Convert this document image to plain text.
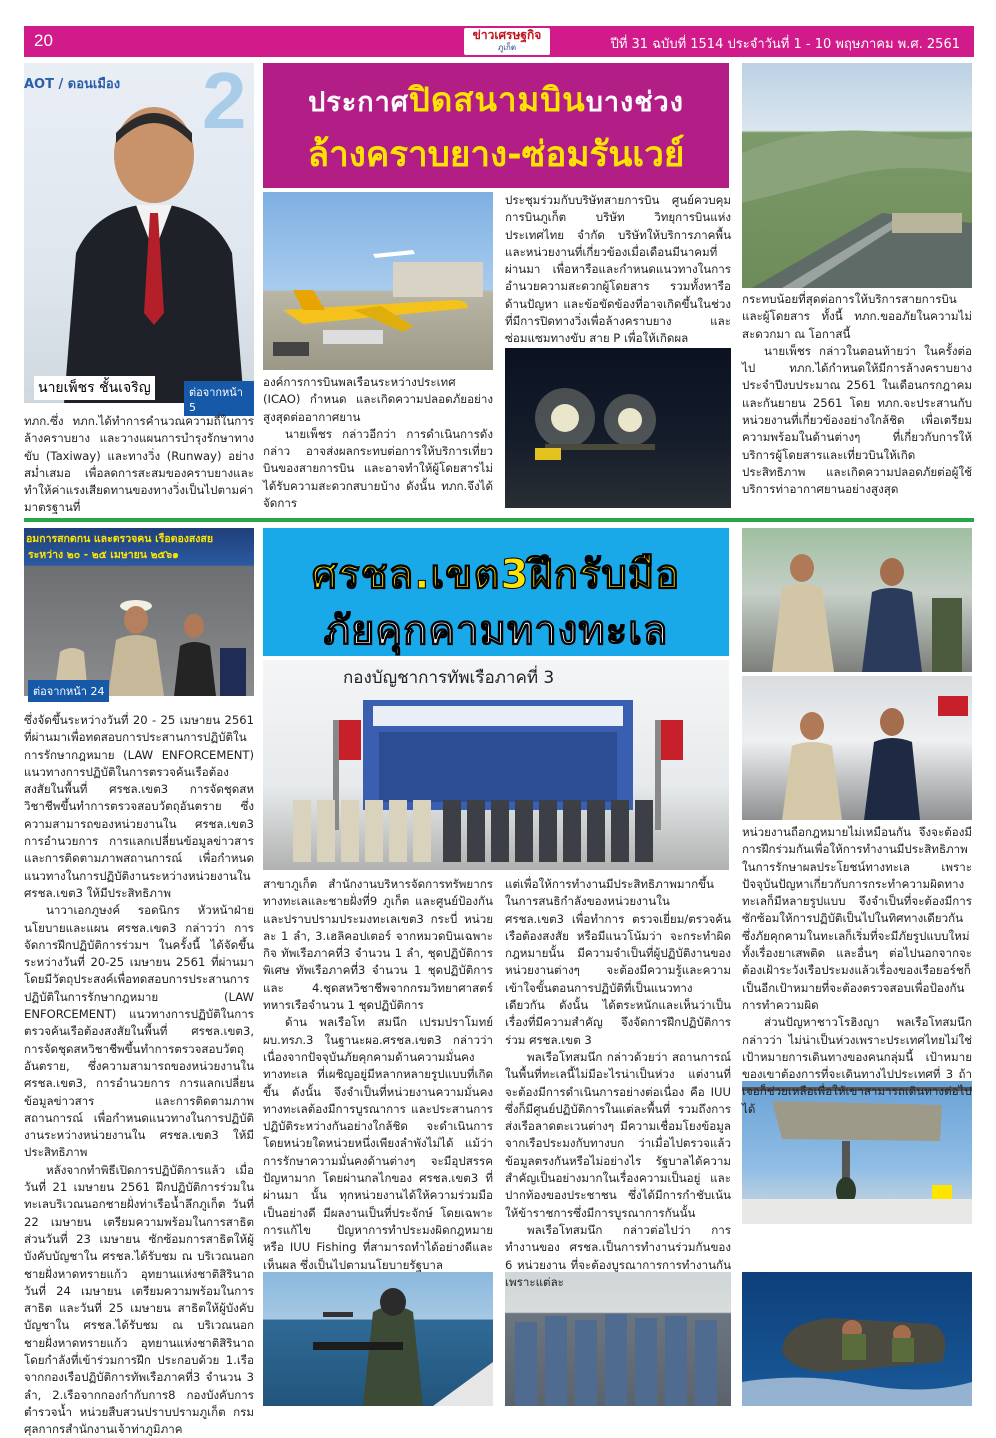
20	ข่าวเศรษฐกิจ
ภูเก็ต	ปีที่ 31 ฉบับที่ 1514 ประจำวันที่ 1 - 10 พฤษภาคม พ.ศ. 2561
AOT / ดอนเมือง 2
นายเพ็ชร ชั้นเจริญ	ต่อจากหน้า 5
ประกาศปิดสนามบินบางช่วง
ล้างคราบยาง-ซ่อมรันเวย์

ทภก.ซึ่ง ทภก.ได้ทำการคำนวณความถี่ในการล้างคราบยาง และวางแผนการบำรุงรักษาทางขับ (Taxiway) และทางวิ่ง (Runway) อย่างสม่ำเสมอ เพื่อลดการสะสมของคราบยางและทำให้ค่าแรงเสียดทานของทางวิ่งเป็นไปตามค่ามาตรฐานที่

องค์การการบินพลเรือนระหว่างประเทศ (ICAO) กำหนด และเกิดความปลอดภัยอย่างสูงสุดต่ออากาศยาน

นายเพ็ชร กล่าวอีกว่า การดำเนินการดังกล่าว อาจส่งผลกระทบต่อการให้บริการเที่ยวบินของสายการบิน และอาจทำให้ผู้โดยสารไม่ได้รับความสะดวกสบายบ้าง ดังนั้น ทภก.จึงได้จัดการ

ประชุมร่วมกับบริษัทสายการบิน ศูนย์ควบคุมการบินภูเก็ต บริษัท วิทยุการบินแห่งประเทศไทย จำกัด บริษัทให้บริการภาคพื้น และหน่วยงานที่เกี่ยวข้องเมื่อเดือนมีนาคมที่ผ่านมา เพื่อหารือและกำหนดแนวทางในการอำนวยความสะดวกผู้โดยสาร รวมทั้งหารือด้านปัญหา และข้อขัดข้องที่อาจเกิดขึ้นในช่วงที่มีการปิดทางวิ่งเพื่อล้างคราบยาง และซ่อมแซมทางขับ สาย P เพื่อให้เกิดผล

กระทบน้อยที่สุดต่อการให้บริการสายการบินและผู้โดยสาร ทั้งนี้ ทภก.ขออภัยในความไม่สะดวกมา ณ โอกาสนี้

นายเพ็ชร กล่าวในตอนท้ายว่า ในครั้งต่อไป ทภก.ได้กำหนดให้มีการล้างคราบยางประจำปีงบประมาณ 2561 ในเดือนกรกฎาคม และกันยายน 2561 โดย ทภก.จะประสานกับหน่วยงานที่เกี่ยวข้องอย่างใกล้ชิด เพื่อเตรียมความพร้อมในด้านต่างๆ ที่เกี่ยวกับการให้บริการผู้โดยสารและเที่ยวบินให้เกิดประสิทธิภาพ และเกิดความปลอดภัยต่อผู้ใช้บริการท่าอากาศยานอย่างสูงสุด

อมการสกดกน และตรวจคน เรือตองสงสย
ระหว่าง ๒๐ - ๒๕ เมษายน ๒๕๖๑
ต่อจากหน้า 24
ศรชล.เขต3ฝึกรับมือ
ภัยคุกคามทางทะเล
กองบัญชาการทัพเรือภาคที่ 3

ซึ่งจัดขึ้นระหว่างวันที่ 20 - 25 เมษายน 2561 ที่ผ่านมาเพื่อทดสอบการประสานการปฏิบัติในการรักษากฎหมาย (LAW ENFORCEMENT) แนวทางการปฏิบัติในการตรวจค้นเรือต้องสงสัยในพื้นที่ ศรชล.เขต3 การจัดชุดสหวิชาชีพขึ้นทำการตรวจสอบวัตถุอันตราย ซึ่งความสามารถของหน่วยงานใน ศรชล.เขต3 การอำนวยการ การแลกเปลี่ยนข้อมูลข่าวสาร และการติดตามภาพสถานการณ์ เพื่อกำหนดแนวทางในการปฏิบัติงานระหว่างหน่วยงานใน ศรชล.เขต3 ให้มีประสิทธิภาพ

นาวาเอกภูษงค์ รอดนิกร หัวหน้าฝ่ายนโยบายและแผน ศรชล.เขต3 กล่าวว่า การจัดการฝึกปฏิบัติการร่วมฯ ในครั้งนี้ ได้จัดขึ้นระหว่างวันที่ 20-25 เมษายน 2561 ที่ผ่านมา โดยมีวัตถุประสงค์เพื่อทดสอบการประสานการปฏิบัติในการรักษากฎหมาย (LAW ENFORCEMENT) แนวทางการปฏิบัติในการตรวจค้นเรือต้องสงสัยในพื้นที่ ศรชล.เขต3, การจัดชุดสหวิชาชีพขึ้นทำการตรวจสอบวัตถุอันตราย, ซึ่งความสามารถของหน่วยงานใน ศรชล.เขต3, การอำนวยการ การแลกเปลี่ยนข้อมูลข่าวสาร และการติดตามภาพสถานการณ์ เพื่อกำหนดแนวทางในการปฏิบัติงานระหว่างหน่วยงานใน ศรชล.เขต3 ให้มีประสิทธิภาพ

หลังจากทำพิธีเปิดการปฏิบัติการแล้ว เมื่อวันที่ 21 เมษายน 2561 ฝึกปฏิบัติการร่วมในทะเลบริเวณนอกชายฝั่งท่าเรือน้ำลึกภูเก็ต วันที่ 22 เมษายน เตรียมความพร้อมในการสาธิต ส่วนวันที่ 23 เมษายน ซักซ้อมการสาธิตให้ผู้บังคับบัญชาใน ศรชล.ได้รับชม ณ บริเวณนอกชายฝั่งหาดทรายแก้ว อุทยานแห่งชาติสิรินาถ วันที่ 24 เมษายน เตรียมความพร้อมในการสาธิต และวันที่ 25 เมษายน สาธิตให้ผู้บังคับบัญชาใน ศรชล.ได้รับชม ณ บริเวณนอกชายฝั่งหาดทรายแก้ว อุทยานแห่งชาติสิรินาถ โดยกำลังที่เข้าร่วมการฝึก ประกอบด้วย 1.เรือจากกองเรือปฏิบัติการทัพเรือภาคที่3 จำนวน 3 ลำ, 2.เรือจากกองกำกับการ8 กองบังคับการตำรวจน้ำ หน่วยสืบสวนปราบปรามภูเก็ต กรมศุลกากรสำนักงานเจ้าท่าภูมิภาค

สาขาภูเก็ต สำนักงานบริหารจัดการทรัพยากรทางทะเลและชายฝั่งที่9 ภูเก็ต และศูนย์ป้องกันและปราบปรามประมงทะเลเขต3 กระบี่ หน่วยละ 1 ลำ, 3.เฮลิคอปเตอร์ จากหมวดบินเฉพาะกิจ ทัพเรือภาคที่3 จำนวน 1 ลำ, ชุดปฏิบัติการพิเศษ ทัพเรือภาคที่3 จำนวน 1 ชุดปฏิบัติการ และ 4.ชุดสหวิชาชีพจากกรมวิทยาศาสตร์ทหารเรือจำนวน 1 ชุดปฏิบัติการ

ด้าน พลเรือโท สมนึก เปรมปราโมทย์ ผบ.ทรภ.3 ในฐานะผอ.ศรชล.เขต3 กล่าวว่า เนื่องจากปัจจุบันภัยคุกคามด้านความมั่นคงทางทะเล ที่เผชิญอยู่มีหลากหลายรูปแบบที่เกิดขึ้น ดังนั้น จึงจำเป็นที่หน่วยงานความมั่นคงทางทะเลต้องมีการบูรณาการ และประสานการปฏิบัติระหว่างกันอย่างใกล้ชิด จะดำเนินการโดยหน่วยใดหน่วยหนึ่งเพียงลำพังไม่ได้ แม้ว่าการรักษาความมั่นคงด้านต่างๆ จะมีอุปสรรคปัญหามาก โดยผ่านกลไกของ ศรชล.เขต3 ที่ผ่านมา นั้น ทุกหน่วยงานได้ให้ความร่วมมือเป็นอย่างดี มีผลงานเป็นที่ประจักษ์ โดยเฉพาะการแก้ไข ปัญหาการทำประมงผิดกฎหมาย หรือ IUU Fishing ที่สามารถทำได้อย่างดีและเห็นผล ซึ่งเป็นไปตามนโยบายรัฐบาล

แต่เพื่อให้การทำงานมีประสิทธิภาพมากขึ้น ในการสนธิกำลังของหน่วยงานใน ศรชล.เขต3 เพื่อทำการ ตรวจเยี่ยม/ตรวจค้นเรือต้องสงสัย หรือมีแนวโน้มว่า จะกระทำผิดกฎหมายนั้น มีความจำเป็นที่ผู้ปฏิบัติงานของหน่วยงานต่างๆ จะต้องมีความรู้และความเข้าใจขั้นตอนการปฏิบัติที่เป็นแนวทางเดียวกัน ดังนั้น ได้ตระหนักและเห็นว่าเป็นเรื่องที่มีความสำคัญ จึงจัดการฝึกปฏิบัติการร่วม ศรชล.เขต 3

พลเรือโทสมนึก กล่าวด้วยว่า สถานการณ์ในพื้นที่ทะเลนี้ไม่มีอะไรน่าเป็นห่วง แต่งานที่จะต้องมีการดำเนินการอย่างต่อเนื่อง คือ IUU ซึ่งก็มีศูนย์ปฏิบัติการในแต่ละพื้นที่ รวมถึงการส่งเรือลาดตะเวนต่างๆ มีความเชื่อมโยงข้อมูลจากเรือประมงกับทางบก ว่าเมื่อไปตรวจแล้วข้อมูลตรงกันหรือไม่อย่างไร รัฐบาลได้ความสำคัญเป็นอย่างมากในเรื่องความเป็นอยู่ และปากท้องของประชาชน ซึ่งได้มีการกำชับเน้นให้ข้าราชการซึ่งมีการบูรณาการกันนั้น

พลเรือโทสมนึก กล่าวต่อไปว่า การทำงานของ ศรชล.เป็นการทำงานร่วมกันของ 6 หน่วยงาน ที่จะต้องบูรณาการการทำงานกันเพราะแต่ละ

หน่วยงานถือกฎหมายไม่เหมือนกัน จึงจะต้องมีการฝึกร่วมกันเพื่อให้การทำงานมีประสิทธิภาพในการรักษาผลประโยชน์ทางทะเล เพราะปัจจุบันปัญหาเกี่ยวกับการกระทำความผิดทางทะเลก็มีหลายรูปแบบ จึงจำเป็นที่จะต้องมีการซักซ้อมให้การปฏิบัติเป็นไปในทิศทางเดียวกัน ซึ่งภัยคุกคามในทะเลก็เริ่มที่จะมีภัยรูปแบบใหม่ ทั้งเรื่องยาเสพติด และอื่นๆ ต่อไปนอกจากจะต้องเฝ้าระวังเรือประมงแล้วเรื่องของเรือยอร์ชก็เป็นอีกเป้าหมายที่จะต้องตรวจสอบเพื่อป้องกันการทำความผิด

ส่วนปัญหาชาวโรฮิงญา พลเรือโทสมนึก กล่าวว่า ไม่น่าเป็นห่วงเพราะประเทศไทยไม่ใช่เป้าหมายการเดินทางของคนกลุ่มนี้ เป้าหมายของเขาต้องการที่จะเดินทางไปประเทศที่ 3 ถ้าเจอก็ช่วยเหลือเพื่อให้เขาสามารถเดินทางต่อไปได้
